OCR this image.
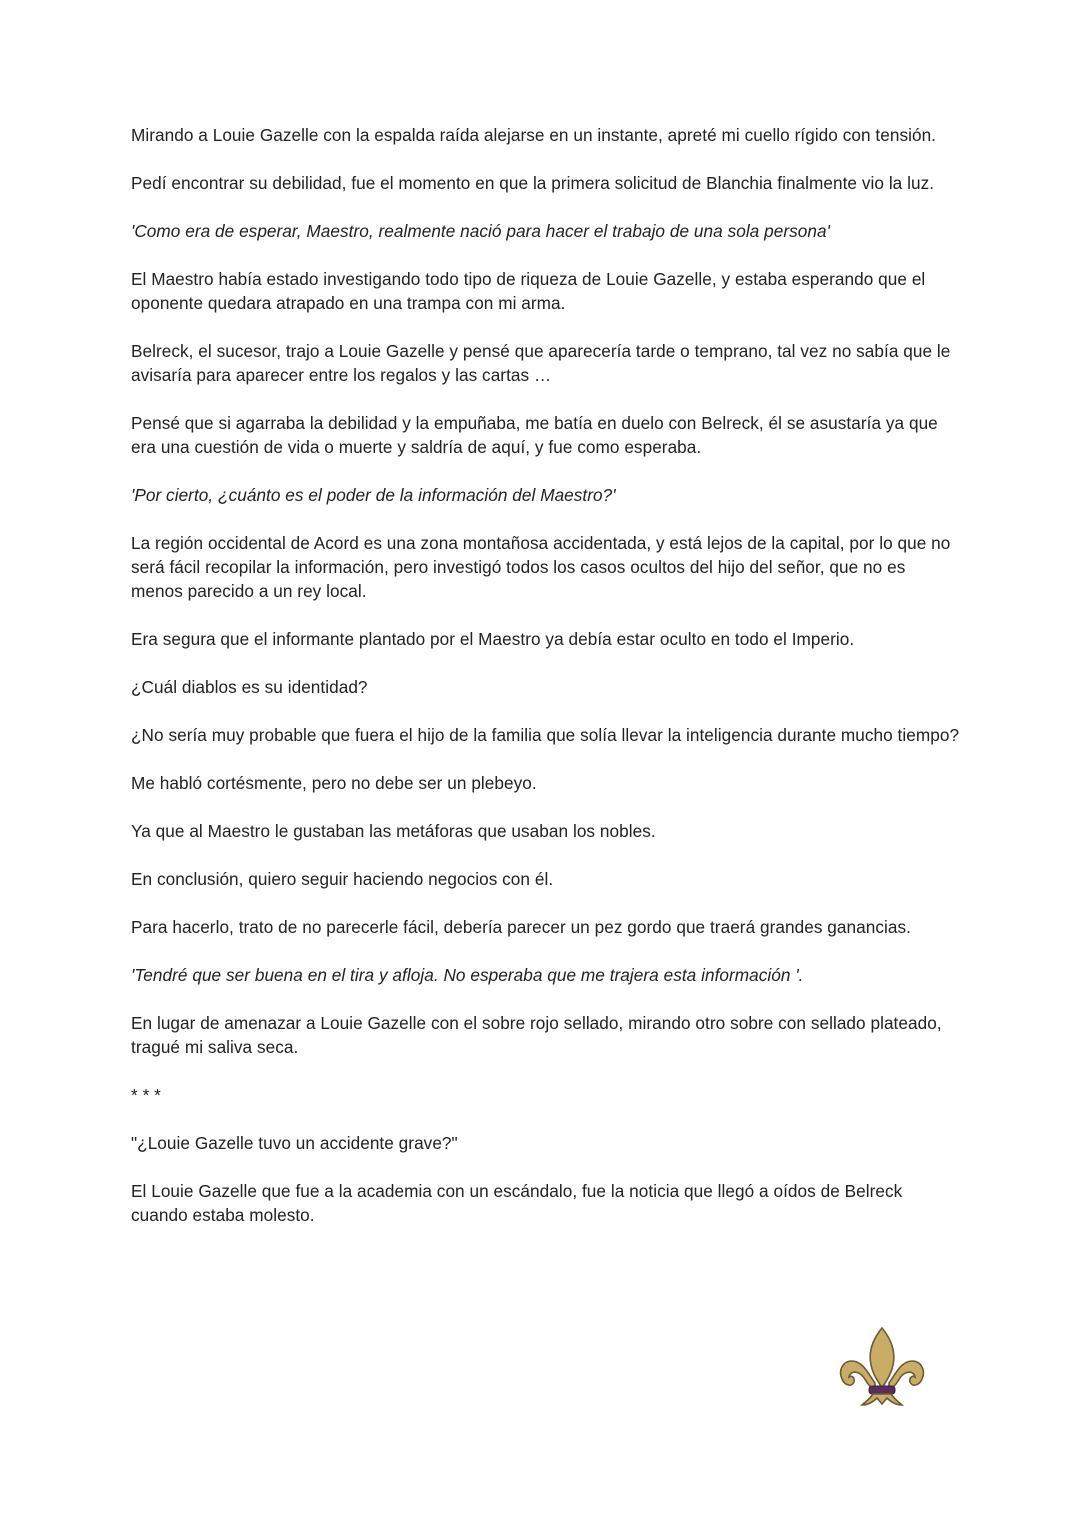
Mirando a Louie Gazelle con la espalda raída alejarse en un instante, apreté mi cuello rígido con tensión.

Pedí encontrar su debilidad, fue el momento en que la primera solicitud de Blanchia finalmente vio la luz.

'Como era de esperar, Maestro, realmente nació para hacer el trabajo de una sola persona'

El Maestro había estado investigando todo tipo de riqueza de Louie Gazelle, y estaba esperando que el oponente quedara atrapado en una trampa con mi arma.

Belreck, el sucesor, trajo a Louie Gazelle y pensé que aparecería tarde o temprano, tal vez no sabía que le avisaría para aparecer entre los regalos y las cartas …

Pensé que si agarraba la debilidad y la empuñaba, me batía en duelo con Belreck, él se asustaría ya que era una cuestión de vida o muerte y saldría de aquí, y fue como esperaba.

'Por cierto, ¿cuánto es el poder de la información del Maestro?'

La región occidental de Acord es una zona montañosa accidentada, y está lejos de la capital, por lo que no será fácil recopilar la información, pero investigó todos los casos ocultos del hijo del señor, que no es menos parecido a un rey local.

Era segura que el informante plantado por el Maestro ya debía estar oculto en todo el Imperio.

¿Cuál diablos es su identidad?

¿No sería muy probable que fuera el hijo de la familia que solía llevar la inteligencia durante mucho tiempo?

Me habló cortésmente, pero no debe ser un plebeyo.

Ya que al Maestro le gustaban las metáforas que usaban los nobles.

En conclusión, quiero seguir haciendo negocios con él.

Para hacerlo, trato de no parecerle fácil, debería parecer un pez gordo que traerá grandes ganancias.

'Tendré que ser buena en el tira y afloja. No esperaba que me trajera esta información '.

En lugar de amenazar a Louie Gazelle con el sobre rojo sellado, mirando otro sobre con sellado plateado, tragué mi saliva seca.

* * *

"¿Louie Gazelle tuvo un accidente grave?"

El Louie Gazelle que fue a la academia con un escándalo, fue la noticia que llegó a oídos de Belreck cuando estaba molesto.
